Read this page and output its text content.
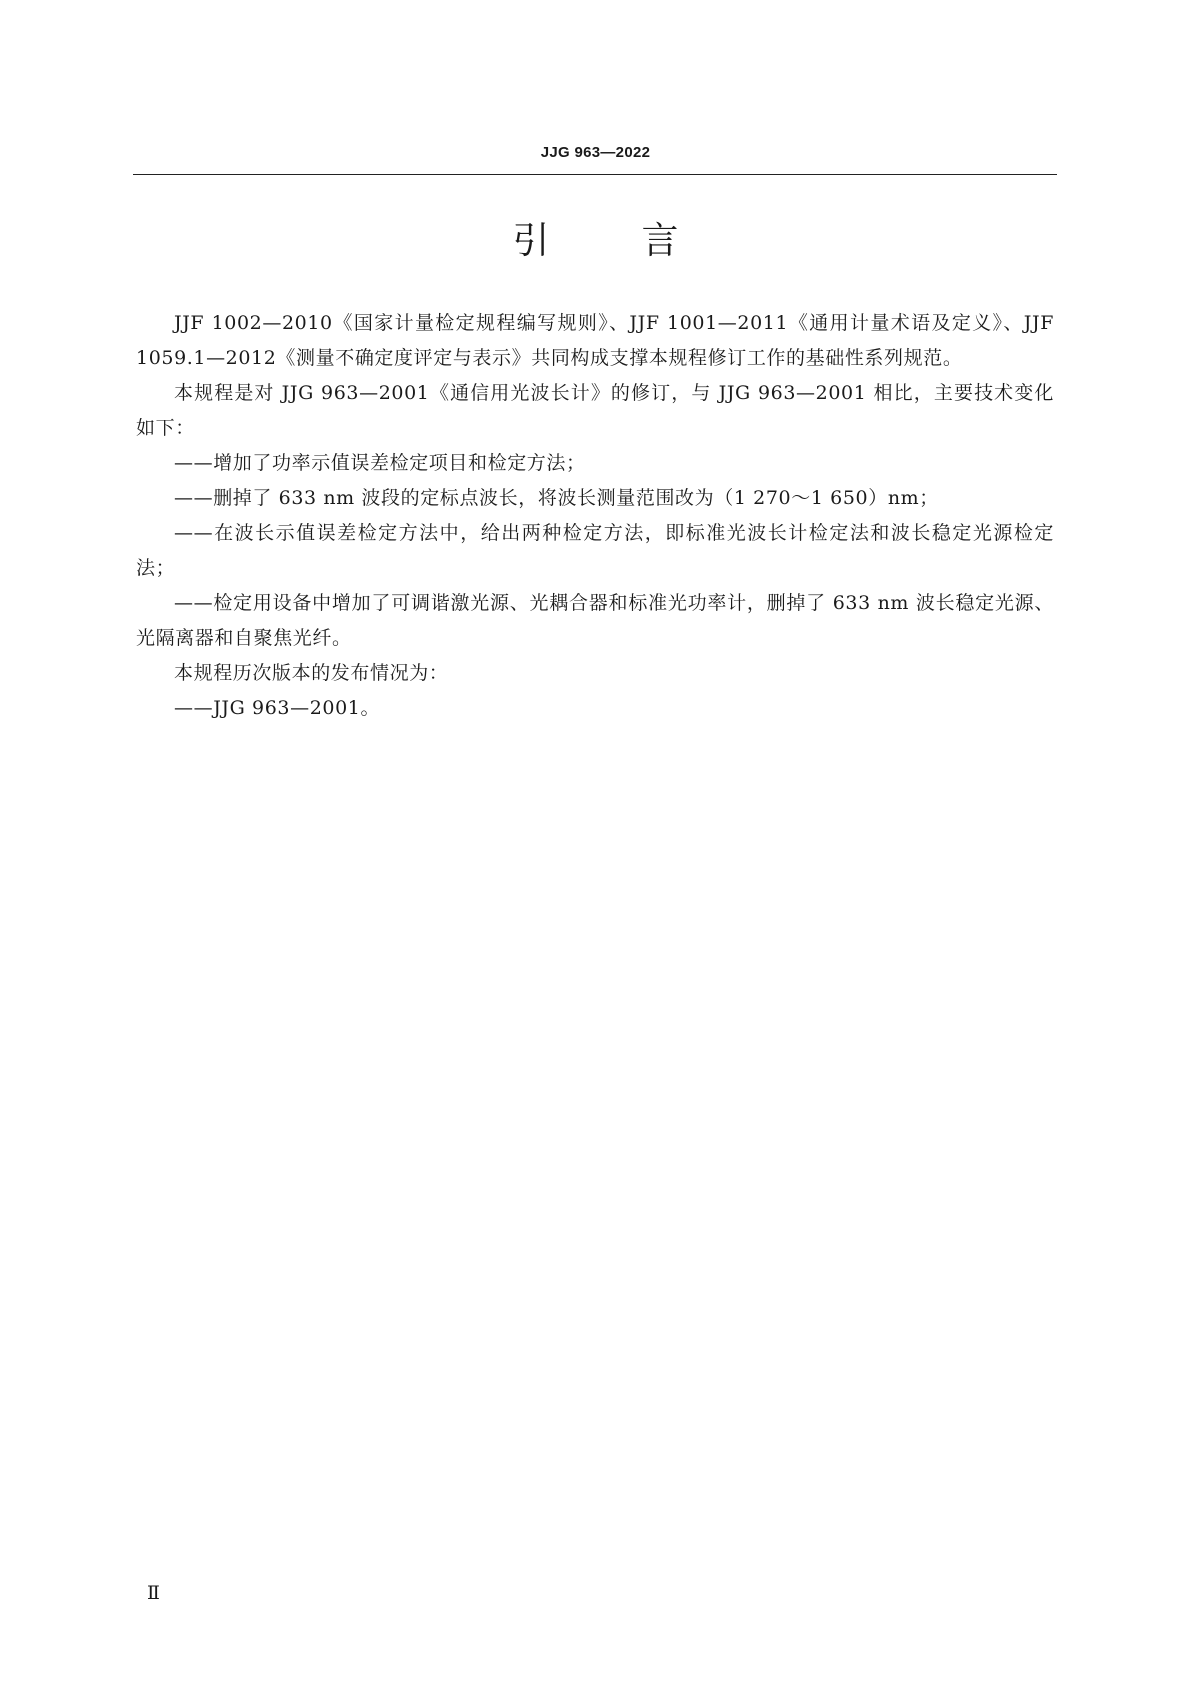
JJG 963—2022
引 言

JJF 1002—2010《国家计量检定规程编写规则》、JJF 1001—2011《通用计量术语及定义》、JJF 1059.1—2012《测量不确定度评定与表示》共同构成支撑本规程修订工作的基础性系列规范。

本规程是对 JJG 963—2001《通信用光波长计》的修订，与 JJG 963—2001 相比，主要技术变化如下：

——增加了功率示值误差检定项目和检定方法；

——删掉了 633 nm 波段的定标点波长，将波长测量范围改为（1 270～1 650）nm；

——在波长示值误差检定方法中，给出两种检定方法，即标准光波长计检定法和波长稳定光源检定法；

——检定用设备中增加了可调谐激光源、光耦合器和标准光功率计，删掉了 633 nm 波长稳定光源、光隔离器和自聚焦光纤。

本规程历次版本的发布情况为：

——JJG 963—2001。

Ⅱ
